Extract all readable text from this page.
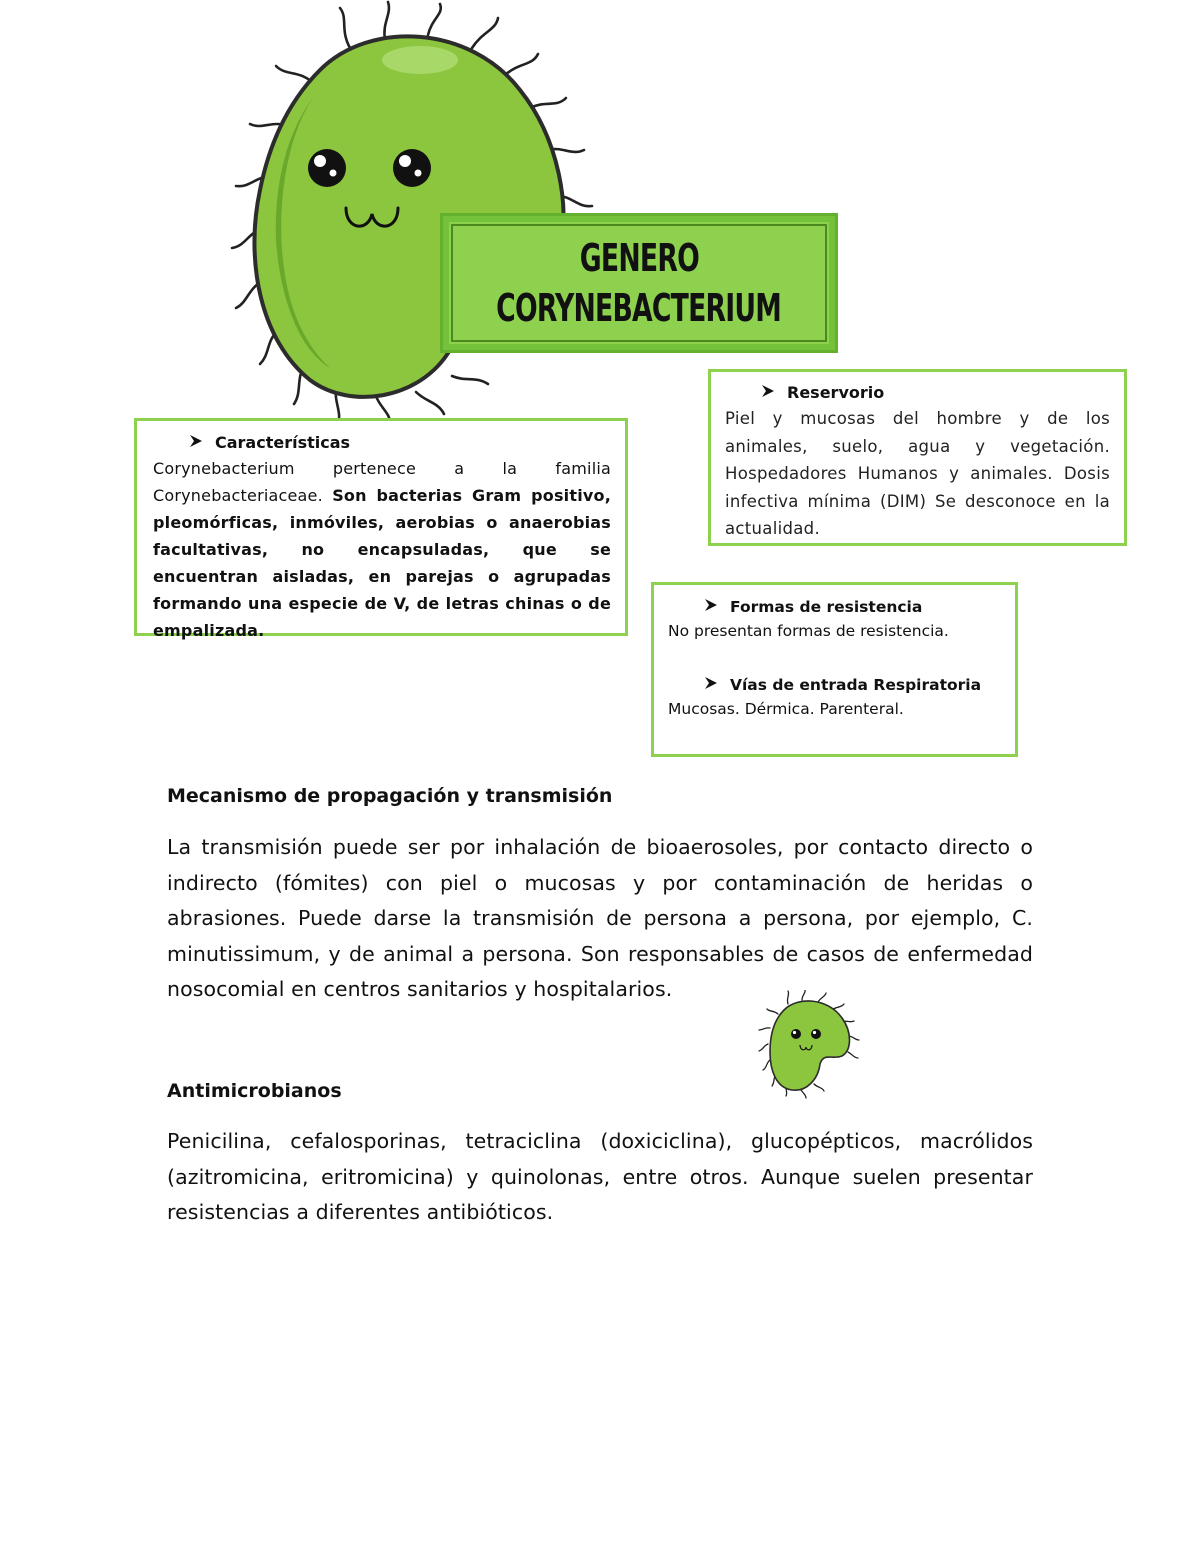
GENERO
CORYNEBACTERIUM
Reservorio
Piel y mucosas del hombre y de los animales, suelo, agua y vegetación. Hospedadores Humanos y animales. Dosis infectiva mínima (DIM) Se desconoce en la actualidad.
Características
Corynebacterium pertenece a la familia Corynebacteriaceae. Son bacterias Gram positivo, pleomórficas, inmóviles, aerobias o anaerobias facultativas, no encapsuladas, que se encuentran aisladas, en parejas o agrupadas formando una especie de V, de letras chinas o de empalizada.
Formas de resistencia
No presentan formas de resistencia.
Vías de entrada Respiratoria
Mucosas. Dérmica. Parenteral.
Mecanismo de propagación y transmisión
La transmisión puede ser por inhalación de bioaerosoles, por contacto directo o indirecto (fómites) con piel o mucosas y por contaminación de heridas o abrasiones. Puede darse la transmisión de persona a persona, por ejemplo, C. minutissimum, y de animal a persona. Son responsables de casos de enfermedad nosocomial en centros sanitarios y hospitalarios.
Antimicrobianos
Penicilina, cefalosporinas, tetraciclina (doxiciclina), glucopépticos, macrólidos (azitromicina, eritromicina) y quinolonas, entre otros. Aunque suelen presentar resistencias a diferentes antibióticos.
